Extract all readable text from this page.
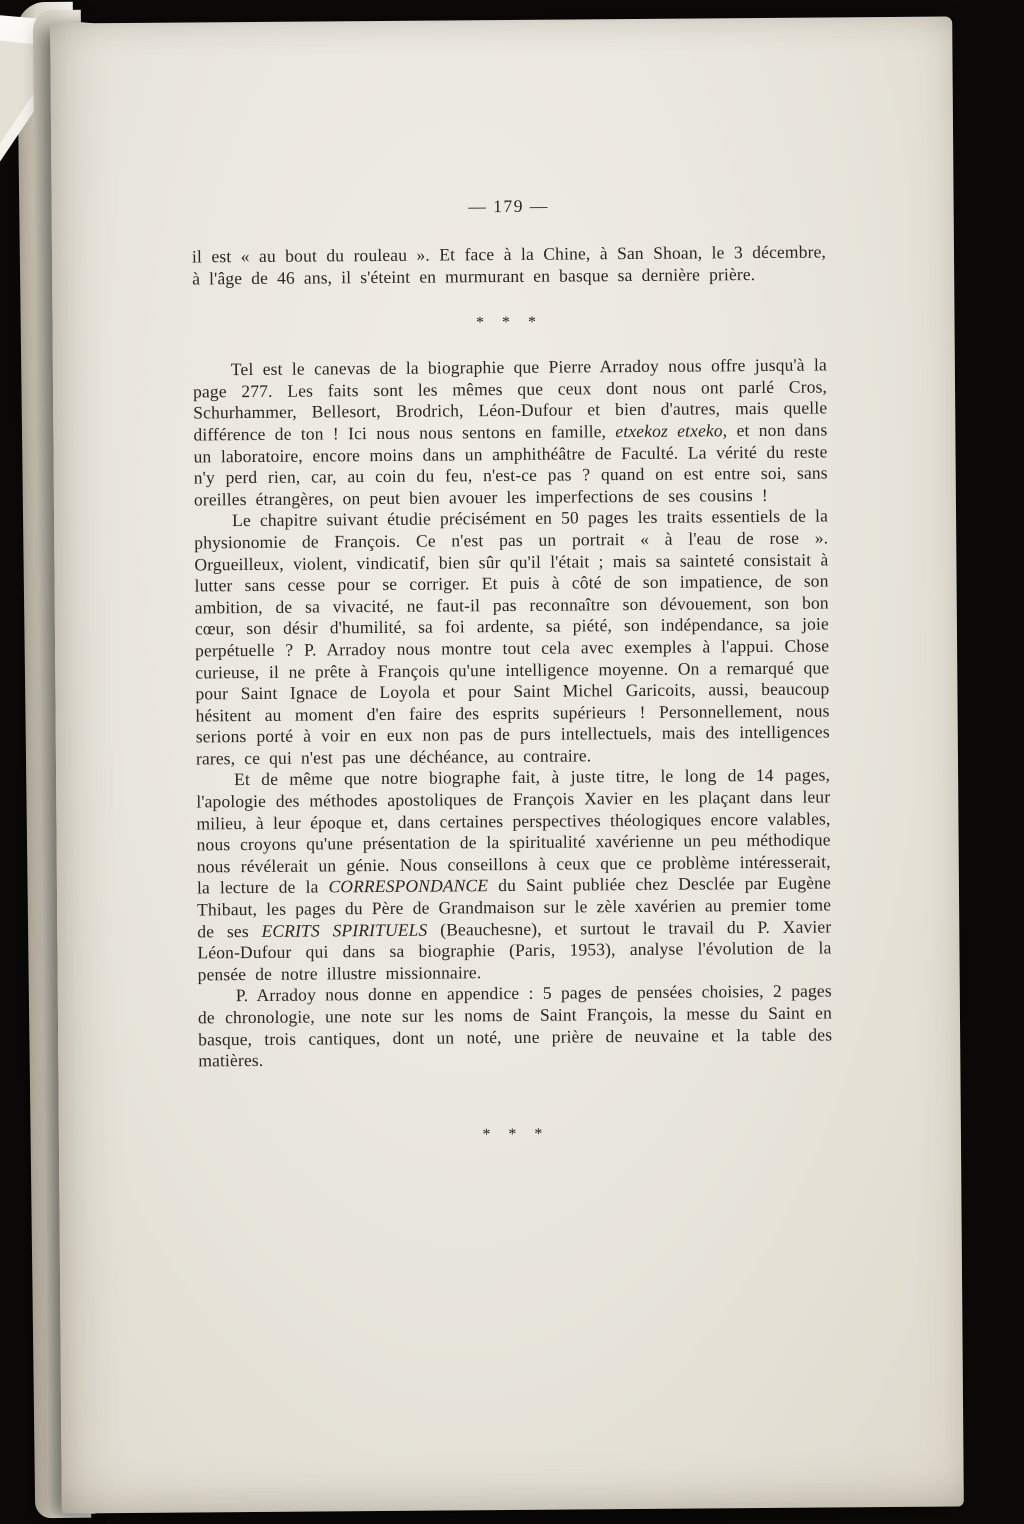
— 179 —

il est « au bout du rouleau ». Et face à la Chine, à San Shoan, le 3 décembre, à l'âge de 46 ans, il s'éteint en murmurant en basque sa dernière prière.

* * *

Tel est le canevas de la biographie que Pierre Arradoy nous offre jusqu'à la page 277. Les faits sont les mêmes que ceux dont nous ont parlé Cros, Schurhammer, Bellesort, Brodrich, Léon-Dufour et bien d'autres, mais quelle différence de ton ! Ici nous nous sentons en famille, etxekoz etxeko, et non dans un laboratoire, encore moins dans un amphithéâtre de Faculté. La vérité du reste n'y perd rien, car, au coin du feu, n'est-ce pas ? quand on est entre soi, sans oreilles étrangères, on peut bien avouer les imperfections de ses cousins !

Le chapitre suivant étudie précisément en 50 pages les traits essentiels de la physionomie de François. Ce n'est pas un portrait « à l'eau de rose ». Orgueilleux, violent, vindicatif, bien sûr qu'il l'était ; mais sa sainteté consistait à lutter sans cesse pour se corriger. Et puis à côté de son impatience, de son ambition, de sa vivacité, ne faut-il pas reconnaître son dévouement, son bon cœur, son désir d'humilité, sa foi ardente, sa piété, son indépendance, sa joie perpétuelle ? P. Arradoy nous montre tout cela avec exemples à l'appui. Chose curieuse, il ne prête à François qu'une intelligence moyenne. On a remarqué que pour Saint Ignace de Loyola et pour Saint Michel Garicoits, aussi, beaucoup hésitent au moment d'en faire des esprits supérieurs ! Personnellement, nous serions porté à voir en eux non pas de purs intellectuels, mais des intelligences rares, ce qui n'est pas une déchéance, au contraire.

Et de même que notre biographe fait, à juste titre, le long de 14 pages, l'apologie des méthodes apostoliques de François Xavier en les plaçant dans leur milieu, à leur époque et, dans certaines perspectives théologiques encore valables, nous croyons qu'une présentation de la spiritualité xavérienne un peu méthodique nous révélerait un génie. Nous conseillons à ceux que ce problème intéresserait, la lecture de la CORRESPONDANCE du Saint publiée chez Desclée par Eugène Thibaut, les pages du Père de Grandmaison sur le zèle xavérien au premier tome de ses ECRITS SPIRITUELS (Beauchesne), et surtout le travail du P. Xavier Léon-Dufour qui dans sa biographie (Paris, 1953), analyse l'évolution de la pensée de notre illustre missionnaire.

P. Arradoy nous donne en appendice : 5 pages de pensées choisies, 2 pages de chronologie, une note sur les noms de Saint François, la messe du Saint en basque, trois cantiques, dont un noté, une prière de neuvaine et la table des matières.

* * *
